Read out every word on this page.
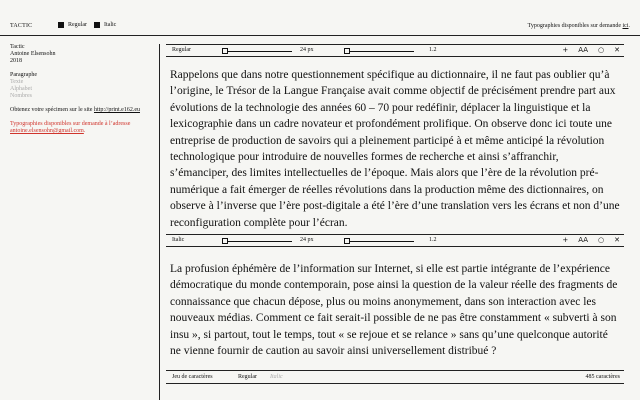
TACTIC	Regular	Italic	Typographies disponibles sur demande ici.
Tactic
Antoine Elsensohn
2018
Paragraphe
Texte
Alphabet
Nombres
Obtenez votre spécimen sur le site http://print.e162.eu
Typographies disponibles sur demande à l’adresse antoine.elsensohn@gmail.com.
Regular	24 px	1.2	+ AA ○ ✕

Rappelons que dans notre questionnement spécifique au dictionnaire, il ne faut pas oublier qu’à l’origine, le Trésor de la Langue Française avait comme objectif de précisément prendre part aux évolutions de la technologie des années 60 – 70 pour redéfinir, déplacer la linguistique et la lexicographie dans un cadre novateur et profondément prolifique. On observe donc ici toute une entreprise de production de savoirs qui a pleinement participé à et même anticipé la révolution technologique pour introduire de nouvelles formes de recherche et ainsi s’affranchir, s’émanciper, des limites intellectuelles de l’époque. Mais alors que l’ère de la révolution pré-numérique a fait émerger de réelles révolutions dans la production même des dictionnaires, on observe à l’inverse que l’ère post-digitale a été l’ère d’une translation vers les écrans et non d’une reconfiguration complète pour l’écran.

Italic	24 px	1.2	+ AA ○ ✕

La profusion éphémère de l’information sur Internet, si elle est partie intégrante de l’expérience démocratique du monde contemporain, pose ainsi la question de la valeur réelle des fragments de connaissance que chacun dépose, plus ou moins anonymement, dans son interaction avec les nouveaux médias. Comment ce fait serait-il possible de ne pas être constamment « subverti à son insu », si partout, tout le temps, tout « se rejoue et se relance » sans qu’une quelconque autorité ne vienne fournir de caution au savoir ainsi universellement distribué ?

Jeu de caractères	Regular Italic	485 caractères
